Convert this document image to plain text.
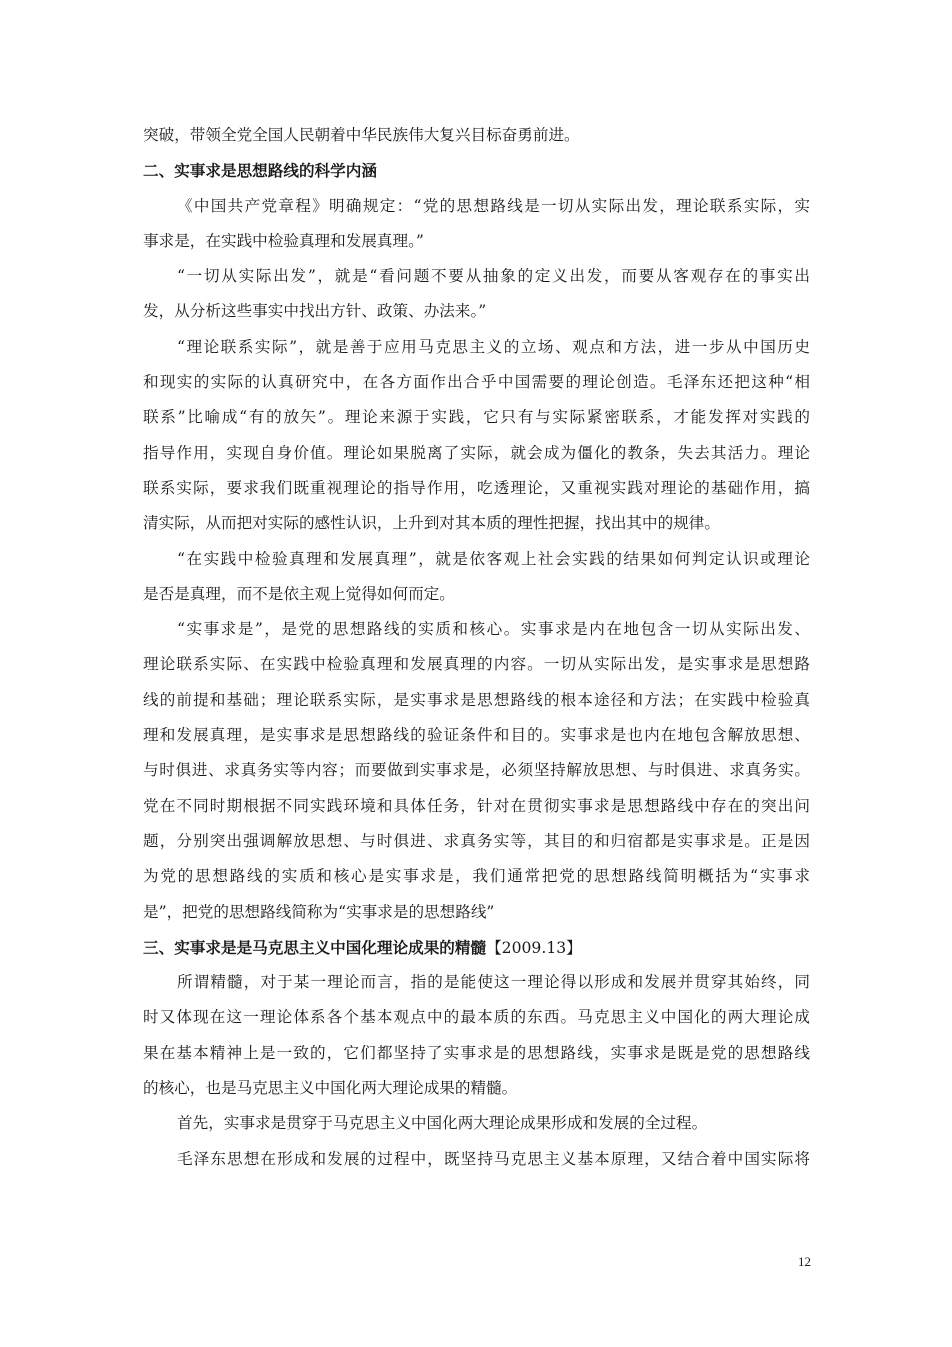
突破，带领全党全国人民朝着中华民族伟大复兴目标奋勇前进。
二、实事求是思想路线的科学内涵
《中国共产党章程》明确规定：“党的思想路线是一切从实际出发，理论联系实际，实
事求是，在实践中检验真理和发展真理。”
“一切从实际出发”，就是“看问题不要从抽象的定义出发，而要从客观存在的事实出
发，从分析这些事实中找出方针、政策、办法来。”
“理论联系实际”，就是善于应用马克思主义的立场、观点和方法，进一步从中国历史
和现实的实际的认真研究中，在各方面作出合乎中国需要的理论创造。毛泽东还把这种“相
联系”比喻成“有的放矢”。理论来源于实践，它只有与实际紧密联系，才能发挥对实践的
指导作用，实现自身价值。理论如果脱离了实际，就会成为僵化的教条，失去其活力。理论
联系实际，要求我们既重视理论的指导作用，吃透理论，又重视实践对理论的基础作用，搞
清实际，从而把对实际的感性认识，上升到对其本质的理性把握，找出其中的规律。
“在实践中检验真理和发展真理”，就是依客观上社会实践的结果如何判定认识或理论
是否是真理，而不是依主观上觉得如何而定。
“实事求是”，是党的思想路线的实质和核心。实事求是内在地包含一切从实际出发、
理论联系实际、在实践中检验真理和发展真理的内容。一切从实际出发，是实事求是思想路
线的前提和基础；理论联系实际，是实事求是思想路线的根本途径和方法；在实践中检验真
理和发展真理，是实事求是思想路线的验证条件和目的。实事求是也内在地包含解放思想、
与时俱进、求真务实等内容；而要做到实事求是，必须坚持解放思想、与时俱进、求真务实。
党在不同时期根据不同实践环境和具体任务，针对在贯彻实事求是思想路线中存在的突出问
题，分别突出强调解放思想、与时俱进、求真务实等，其目的和归宿都是实事求是。正是因
为党的思想路线的实质和核心是实事求是，我们通常把党的思想路线简明概括为“实事求
是”，把党的思想路线简称为“实事求是的思想路线”
三、实事求是是马克思主义中国化理论成果的精髓【2009.13】
所谓精髓，对于某一理论而言，指的是能使这一理论得以形成和发展并贯穿其始终，同
时又体现在这一理论体系各个基本观点中的最本质的东西。马克思主义中国化的两大理论成
果在基本精神上是一致的，它们都坚持了实事求是的思想路线，实事求是既是党的思想路线
的核心，也是马克思主义中国化两大理论成果的精髓。
首先，实事求是贯穿于马克思主义中国化两大理论成果形成和发展的全过程。
毛泽东思想在形成和发展的过程中，既坚持马克思主义基本原理，又结合着中国实际将
12
